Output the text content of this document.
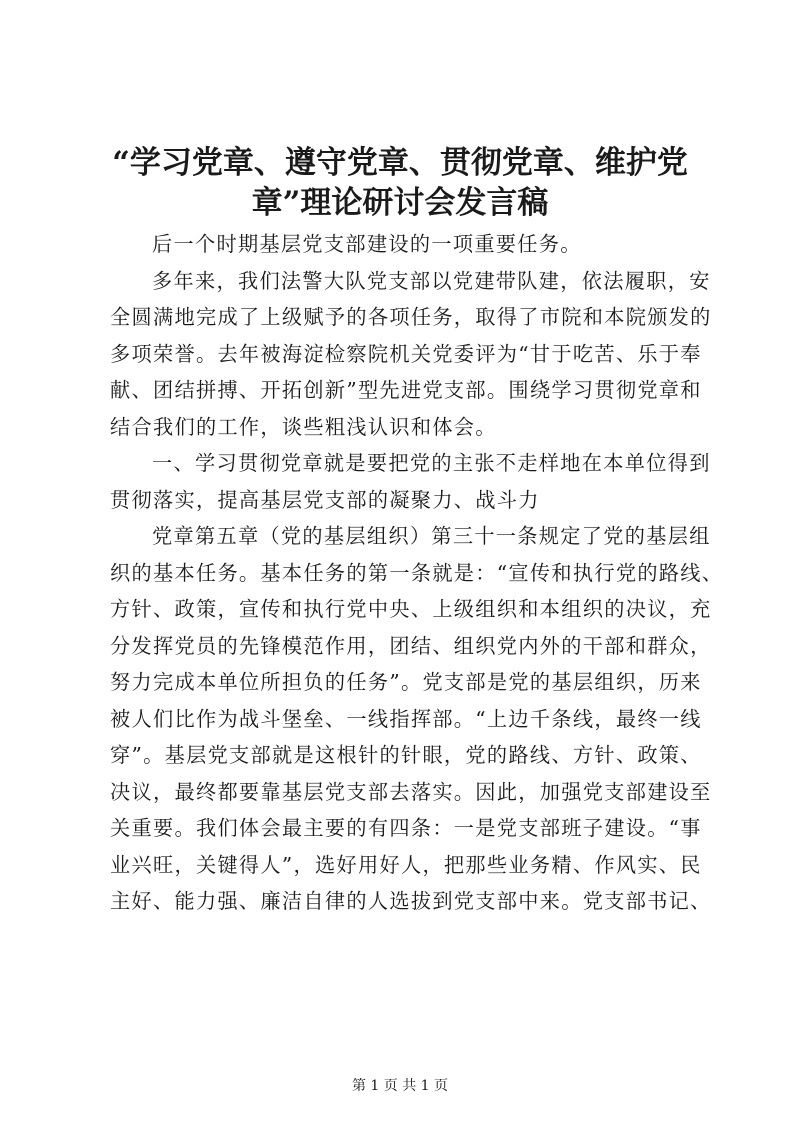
“学习党章、遵守党章、贯彻党章、维护党
章”理论研讨会发言稿
后一个时期基层党支部建设的一项重要任务。
多年来，我们法警大队党支部以党建带队建，依法履职，安
全圆满地完成了上级赋予的各项任务，取得了市院和本院颁发的
多项荣誉。去年被海淀检察院机关党委评为“甘于吃苦、乐于奉
献、团结拼搏、开拓创新”型先进党支部。围绕学习贯彻党章和
结合我们的工作，谈些粗浅认识和体会。
一、学习贯彻党章就是要把党的主张不走样地在本单位得到
贯彻落实，提高基层党支部的凝聚力、战斗力
党章第五章（党的基层组织）第三十一条规定了党的基层组
织的基本任务。基本任务的第一条就是：“宣传和执行党的路线、
方针、政策，宣传和执行党中央、上级组织和本组织的决议，充
分发挥党员的先锋模范作用，团结、组织党内外的干部和群众，
努力完成本单位所担负的任务”。党支部是党的基层组织，历来
被人们比作为战斗堡垒、一线指挥部。“上边千条线，最终一线
穿”。基层党支部就是这根针的针眼，党的路线、方针、政策、
决议，最终都要靠基层党支部去落实。因此，加强党支部建设至
关重要。我们体会最主要的有四条：一是党支部班子建设。“事
业兴旺，关键得人”，选好用好人，把那些业务精、作风实、民
主好、能力强、廉洁自律的人选拔到党支部中来。党支部书记、
第 1 页 共 1 页
